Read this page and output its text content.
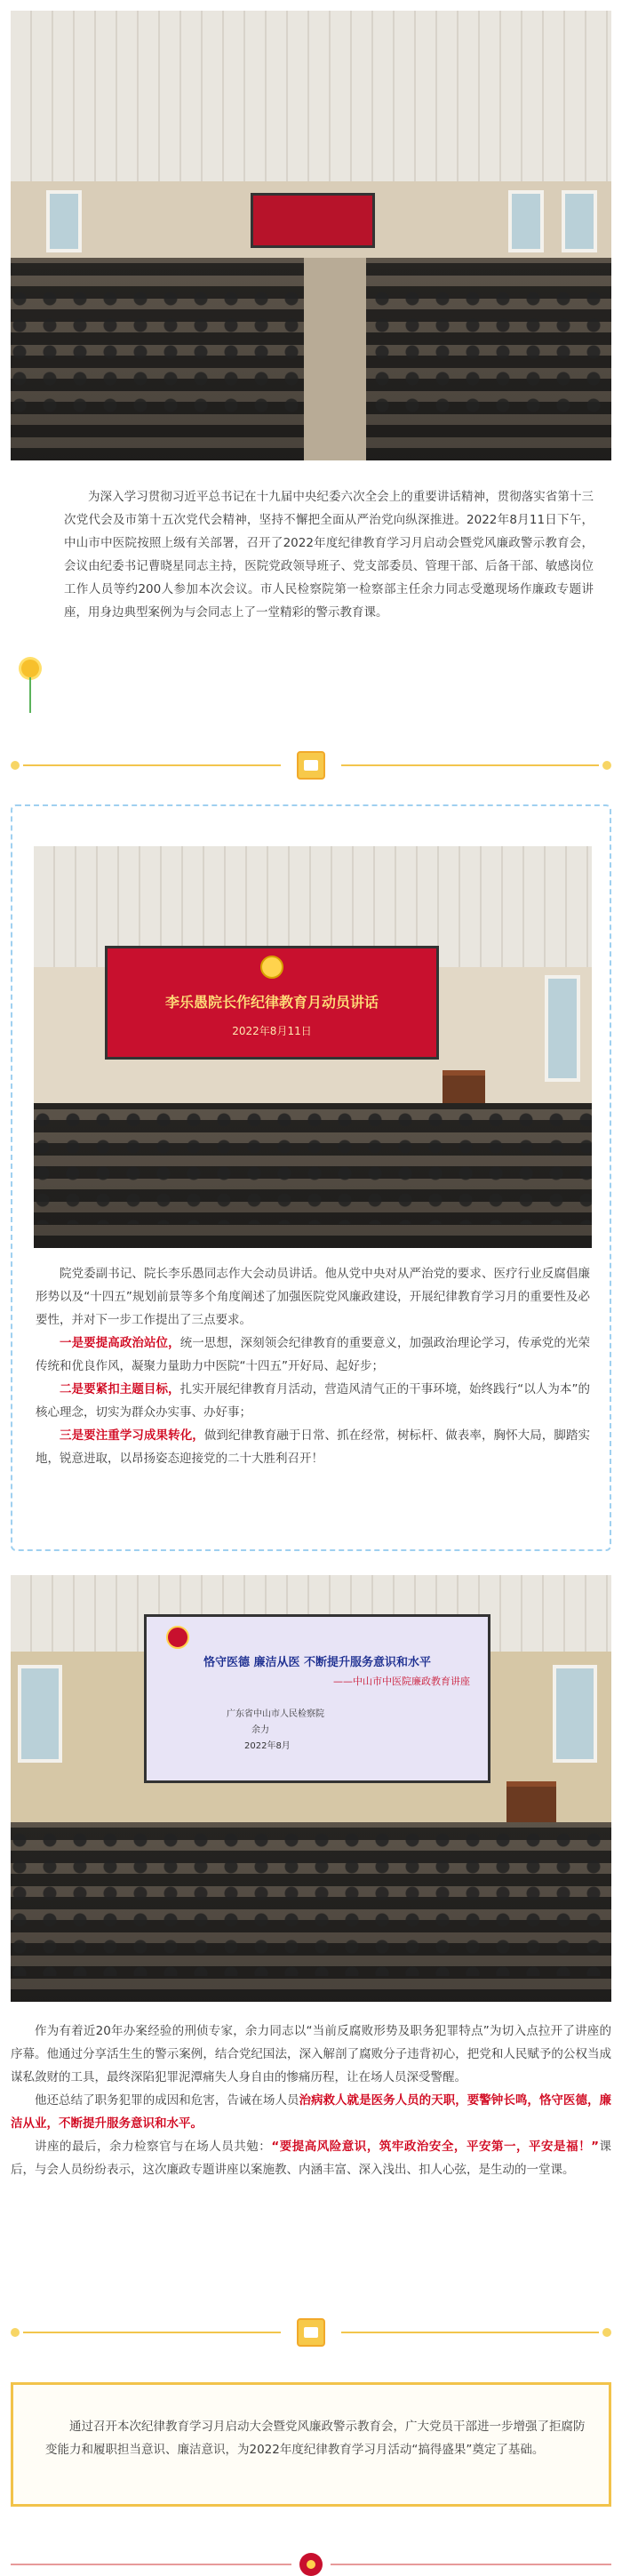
为深入学习贯彻习近平总书记在十九届中央纪委六次全会上的重要讲话精神，贯彻落实省第十三次党代会及市第十五次党代会精神，坚持不懈把全面从严治党向纵深推进。2022年8月11日下午，中山市中医院按照上级有关部署，召开了2022年度纪律教育学习月启动会暨党风廉政警示教育会，会议由纪委书记曹晓星同志主持，医院党政领导班子、党支部委员、管理干部、后备干部、敏感岗位工作人员等约200人参加本次会议。市人民检察院第一检察部主任余力同志受邀现场作廉政专题讲座，用身边典型案例为与会同志上了一堂精彩的警示教育课。

李乐愚院长作纪律教育月动员讲话
2022年8月11日

院党委副书记、院长李乐愚同志作大会动员讲话。他从党中央对从严治党的要求、医疗行业反腐倡廉形势以及“十四五”规划前景等多个角度阐述了加强医院党风廉政建设，开展纪律教育学习月的重要性及必要性，并对下一步工作提出了三点要求。

一是要提高政治站位，统一思想，深刻领会纪律教育的重要意义，加强政治理论学习，传承党的光荣传统和优良作风，凝聚力量助力中医院“十四五”开好局、起好步；

二是要紧扣主题目标，扎实开展纪律教育月活动，营造风清气正的干事环境，始终践行“以人为本”的核心理念，切实为群众办实事、办好事；

三是要注重学习成果转化，做到纪律教育融于日常、抓在经常，树标杆、做表率，胸怀大局，脚踏实地，锐意进取，以昂扬姿态迎接党的二十大胜利召开！

恪守医德 廉洁从医 不断提升服务意识和水平
——中山市中医院廉政教育讲座
广东省中山市人民检察院
余力
2022年8月

作为有着近20年办案经验的刑侦专家，余力同志以“当前反腐败形势及职务犯罪特点”为切入点拉开了讲座的序幕。他通过分享活生生的警示案例，结合党纪国法，深入解剖了腐败分子违背初心，把党和人民赋予的公权当成谋私敛财的工具，最终深陷犯罪泥潭痛失人身自由的惨痛历程，让在场人员深受警醒。

他还总结了职务犯罪的成因和危害，告诫在场人员治病救人就是医务人员的天职，要警钟长鸣，恪守医德，廉洁从业，不断提升服务意识和水平。

讲座的最后，余力检察官与在场人员共勉：“要提高风险意识，筑牢政治安全，平安第一，平安是福！”课后，与会人员纷纷表示，这次廉政专题讲座以案施教、内涵丰富、深入浅出、扣人心弦，是生动的一堂课。

通过召开本次纪律教育学习月启动大会暨党风廉政警示教育会，广大党员干部进一步增强了拒腐防变能力和履职担当意识、廉洁意识，为2022年度纪律教育学习月活动“搞得盛果”奠定了基础。
